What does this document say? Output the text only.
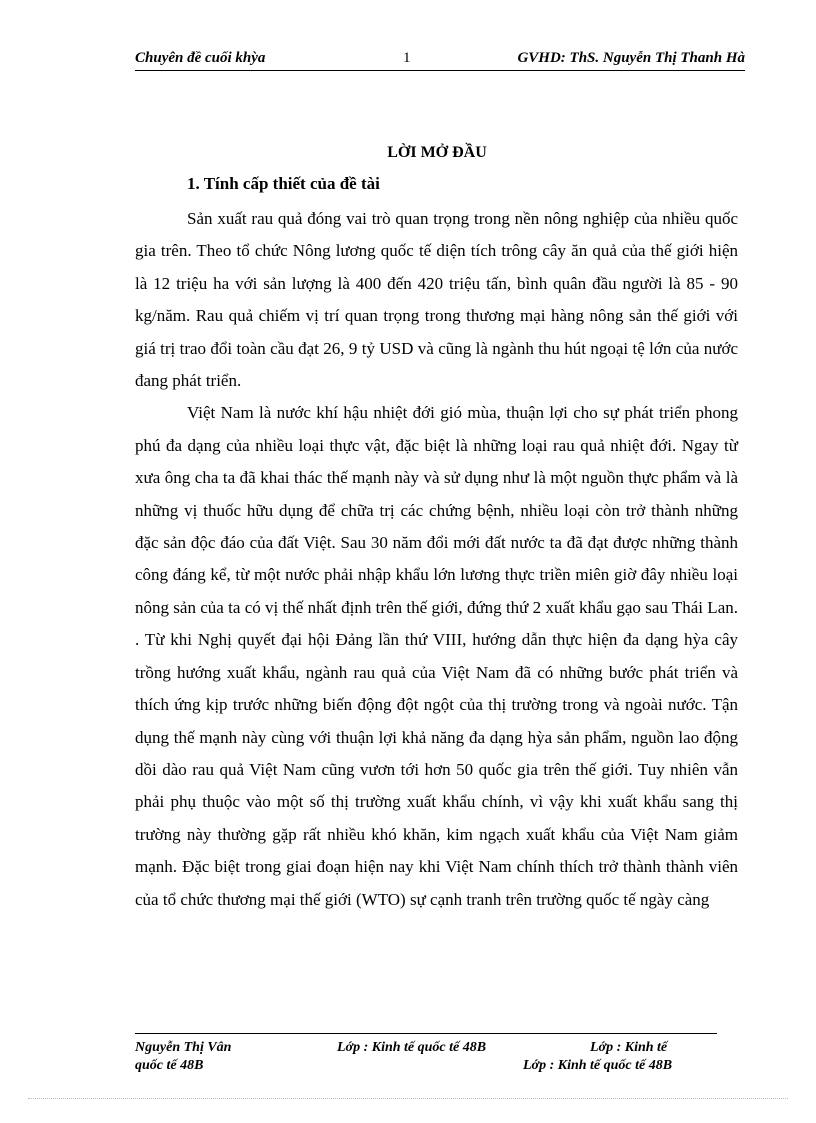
Chuyên đề cuối khỳa	1	GVHD: ThS. Nguyễn Thị Thanh Hà
LỜI MỞ ĐẦU
1. Tính cấp thiết của đề tài

Sản xuất rau quả đóng vai trò quan trọng trong nền nông nghiệp của nhiều quốc gia trên. Theo tổ chức Nông lương quốc tế diện tích trông cây ăn quả của thế giới hiện là 12 triệu ha với sản lượng là 400 đến 420 triệu tấn, bình quân đầu người là 85 - 90 kg/năm. Rau quả chiếm vị trí quan trọng trong thương mại hàng nông sản thế giới với giá trị trao đổi toàn cầu đạt 26, 9 tỷ USD và cũng là ngành thu hút ngoại tệ lớn của nước đang phát triển.

Việt Nam là nước khí hậu nhiệt đới gió mùa, thuận lợi cho sự phát triển phong phú đa dạng của nhiều loại thực vật, đặc biệt là những loại rau quả nhiệt đới. Ngay từ xưa ông cha ta đã khai thác thế mạnh này và sử dụng như là một nguồn thực phẩm và là những vị thuốc hữu dụng để chữa trị các chứng bệnh, nhiều loại còn trở thành những đặc sản độc đáo của đất Việt. Sau 30 năm đổi mới đất nước ta đã đạt được những thành công đáng kể, từ một nước phải nhập khẩu lớn lương thực triền miên giờ đây nhiều loại nông sản của ta có vị thế nhất định trên thế giới, đứng thứ 2 xuất khẩu gạo sau Thái Lan. . Từ khi Nghị quyết đại hội Đảng lần thứ VIII, hướng dẫn thực hiện đa dạng hỳa cây trồng hướng xuất khẩu, ngành rau quả của Việt Nam đã có những bước phát triển và thích ứng kịp trước những biến động đột ngột của thị trường trong và ngoài nước. Tận dụng thế mạnh này cùng với thuận lợi khả năng đa dạng hỳa sản phẩm, nguồn lao động dồi dào rau quả Việt Nam cũng vươn tới hơn 50 quốc gia trên thế giới. Tuy nhiên vẫn phải phụ thuộc vào một số thị trường xuất khẩu chính, vì vậy khi xuất khẩu sang thị trường này thường gặp rất nhiều khó khăn, kim ngạch xuất khẩu của Việt Nam giảm mạnh. Đặc biệt trong giai đoạn hiện nay khi Việt Nam chính thích trở thành thành viên của tổ chức thương mại thế giới (WTO) sự cạnh tranh trên trường quốc tế ngày càng

Nguyễn Thị Vân	Lớp : Kinh tế quốc tế 48B	Lớp : Kinh tế
quốc tế 48B	Lớp : Kinh tế quốc tế 48B
